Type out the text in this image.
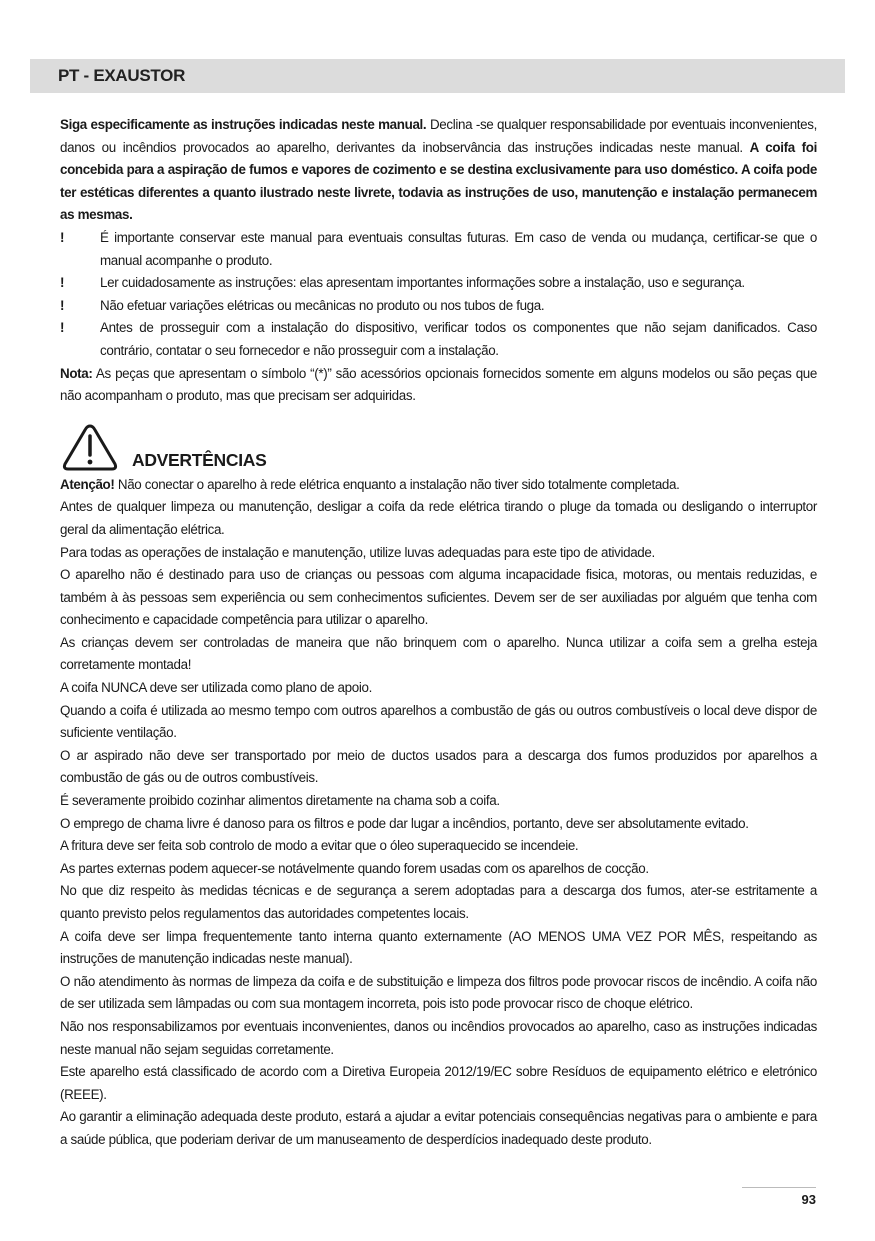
PT - EXAUSTOR

Siga especificamente as instruções indicadas neste manual. Declina -se qualquer responsabilidade por eventuais inconvenientes, danos ou incêndios provocados ao aparelho, derivantes da inobservância das instruções indicadas neste manual. A coifa foi concebida para a aspiração de fumos e vapores de cozimento e se destina exclusivamente para uso doméstico. A coifa pode ter estéticas diferentes a quanto ilustrado neste livrete, todavia as instruções de uso, manutenção e instalação permanecem as mesmas.

!	É importante conservar este manual para eventuais consultas futuras. Em caso de venda ou mudança, certificar-se que o manual acompanhe o produto.
!	Ler cuidadosamente as instruções: elas apresentam importantes informações sobre a instalação, uso e segurança.
!	Não efetuar variações elétricas ou mecânicas no produto ou nos tubos de fuga.
!	Antes de prosseguir com a instalação do dispositivo, verificar todos os componentes que não sejam danificados. Caso contrário, contatar o seu fornecedor e não prosseguir com a instalação.

Nota: As peças que apresentam o símbolo “(*)” são acessórios opcionais fornecidos somente em alguns modelos ou são peças que não acompanham o produto, mas que precisam ser adquiridas.

ADVERTÊNCIAS

Atenção! Não conectar o aparelho à rede elétrica enquanto a instalação não tiver sido totalmente completada.

Antes de qualquer limpeza ou manutenção, desligar a coifa da rede elétrica tirando o pluge da tomada ou desligando o interruptor geral da alimentação elétrica.

Para todas as operações de instalação e manutenção, utilize luvas adequadas para este tipo de atividade.

O aparelho não é destinado para uso de crianças ou pessoas com alguma incapacidade fisica, motoras, ou mentais reduzidas, e também à às pessoas sem experiência ou sem conhecimentos suficientes. Devem ser de ser auxiliadas por alguém que tenha com conhecimento e capacidade competência para utilizar o aparelho.

As crianças devem ser controladas de maneira que não brinquem com o aparelho. Nunca utilizar a coifa sem a grelha esteja corretamente montada!

A coifa NUNCA deve ser utilizada como plano de apoio.

Quando a coifa é utilizada ao mesmo tempo com outros aparelhos a combustão de gás ou outros combustíveis o local deve dispor de suficiente ventilação.

O ar aspirado não deve ser transportado por meio de ductos usados para a descarga dos fumos produzidos por aparelhos a combustão de gás ou de outros combustíveis.

É severamente proibido cozinhar alimentos diretamente na chama sob a coifa.

O emprego de chama livre é danoso para os filtros e pode dar lugar a incêndios, portanto, deve ser absolutamente evitado.

A fritura deve ser feita sob controlo de modo a evitar que o óleo superaquecido se incendeie.

As partes externas podem aquecer-se notávelmente quando forem usadas com os aparelhos de cocção.

No que diz respeito às medidas técnicas e de segurança a serem adoptadas para a descarga dos fumos, ater-se estritamente a quanto previsto pelos regulamentos das autoridades competentes locais.

A coifa deve ser limpa frequentemente tanto interna quanto externamente (AO MENOS UMA VEZ POR MÊS, respeitando as instruções de manutenção indicadas neste manual).

O não atendimento às normas de limpeza da coifa e de substituição e limpeza dos filtros pode provocar riscos de incêndio. A coifa não de ser utilizada sem lâmpadas ou com sua montagem incorreta, pois isto pode provocar risco de choque elétrico.

Não nos responsabilizamos por eventuais inconvenientes, danos ou incêndios provocados ao aparelho, caso as instruções indicadas neste manual não sejam seguidas corretamente.

Este aparelho está classificado de acordo com a Diretiva Europeia 2012/19/EC sobre Resíduos de equipamento elétrico e eletrónico (REEE).

Ao garantir a eliminação adequada deste produto, estará a ajudar a evitar potenciais consequências negativas para o ambiente e para a saúde pública, que poderiam derivar de um manuseamento de desperdícios inadequado deste produto.

93
